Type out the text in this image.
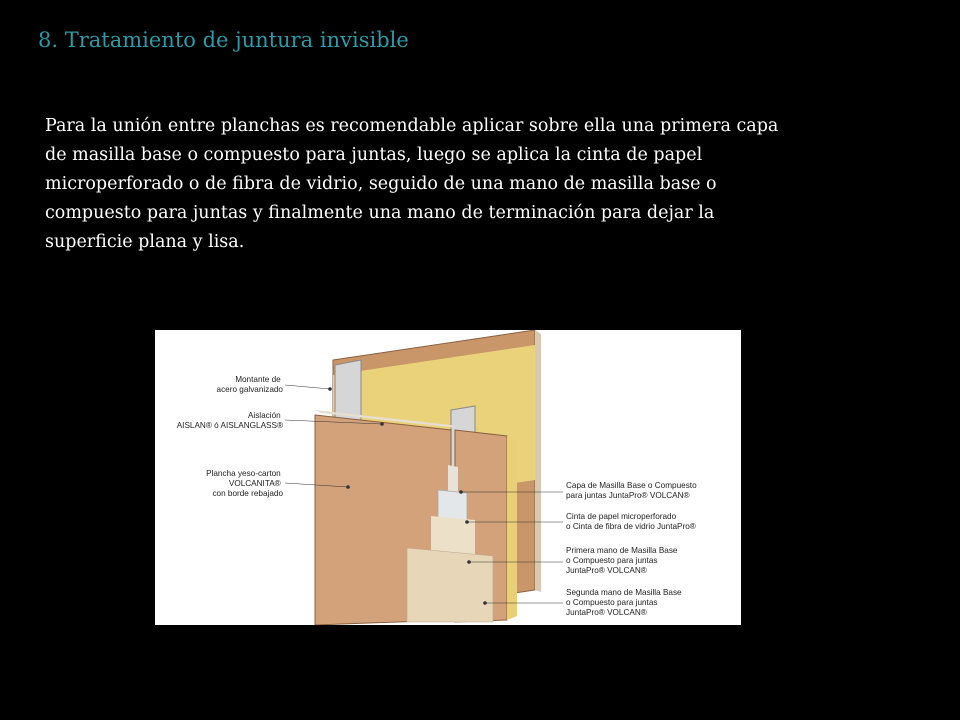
8. Tratamiento de juntura invisible
Para la unión entre planchas es recomendable aplicar sobre ella una primera capa de masilla base o compuesto para juntas, luego se aplica la cinta de papel microperforado o de fibra de vidrio, seguido de una mano de masilla base o compuesto para juntas y finalmente una mano de terminación para dejar la superficie plana y lisa.
Montante de acero galvanizado
Aislación AISLAN® ó AISLANGLASS®
Plancha yeso-carton VOLCANITA® con borde rebajado
Capa de Masilla Base o Compuesto para juntas JuntaPro® VOLCAN®
Cinta de papel microperforado o Cinta de fibra de vidrio JuntaPro®
Primera mano de Masilla Base o Compuesto para juntas JuntaPro® VOLCAN®
Segunda mano de Masilla Base o Compuesto para juntas JuntaPro® VOLCAN®
